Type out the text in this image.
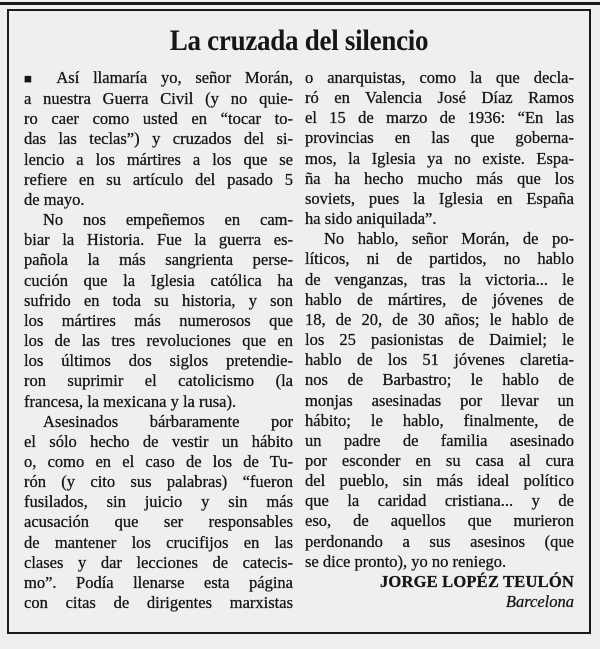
La cruzada del silencio
■ Así llamaría yo, señor Morán,
a nuestra Guerra Civil (y no quie-
ro caer como usted en “tocar to-
das las teclas”) y cruzados del si-
lencio a los mártires a los que se
refiere en su artículo del pasado 5
de mayo.
No nos empeñemos en cam-
biar la Historia. Fue la guerra es-
pañola la más sangrienta perse-
cución que la Iglesia católica ha
sufrido en toda su historia, y son
los mártires más numerosos que
los de las tres revoluciones que en
los últimos dos siglos pretendie-
ron suprimir el catolicismo (la
francesa, la mexicana y la rusa).
Asesinados bárbaramente por
el sólo hecho de vestir un hábito
o, como en el caso de los de Tu-
rón (y cito sus palabras) “fueron
fusilados, sin juicio y sin más
acusación que ser responsables
de mantener los crucifijos en las
clases y dar lecciones de catecis-
mo”. Podía llenarse esta página
con citas de dirigentes marxistas
o anarquistas, como la que decla-
ró en Valencia José Díaz Ramos
el 15 de marzo de 1936: “En las
provincias en las que goberna-
mos, la Iglesia ya no existe. Espa-
ña ha hecho mucho más que los
soviets, pues la Iglesia en España
ha sido aniquilada”.
No hablo, señor Morán, de po-
líticos, ni de partidos, no hablo
de venganzas, tras la victoria... le
hablo de mártires, de jóvenes de
18, de 20, de 30 años; le hablo de
los 25 pasionistas de Daimiel; le
hablo de los 51 jóvenes claretia-
nos de Barbastro; le hablo de
monjas asesinadas por llevar un
hábito; le hablo, finalmente, de
un padre de familia asesinado
por esconder en su casa al cura
del pueblo, sin más ideal político
que la caridad cristiana... y de
eso, de aquellos que murieron
perdonando a sus asesinos (que
se dice pronto), yo no reniego.
JORGE LOPÉZ TEULÓN
Barcelona
